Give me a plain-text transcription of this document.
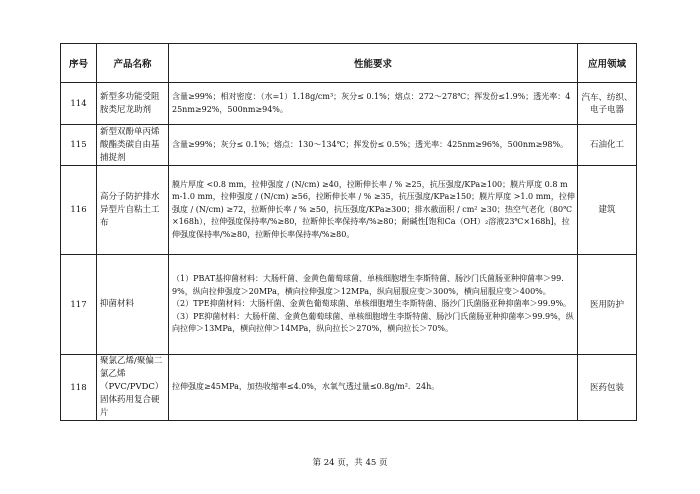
序号	产品名称	性能要求	应用领域
114	新型多功能受阻胺类尼龙助剂	含量≥99%；相对密度：（水=1）1.18g/cm³；灰分≤ 0.1%；熔点：272～278℃；挥发份≤1.9%；透光率：425nm≥92%，500nm≥94%。	汽车、纺织、电子电器
115	新型双酚单丙烯酸酯类碳自由基捕捉剂	含量≥99%；灰分≤ 0.1%；熔点：130～134℃；挥发份≤ 0.5%；透光率：425nm≥96%，500nm≥98%。	石油化工
116	高分子防护排水异型片自粘土工布	膜片厚度 <0.8 mm，拉伸强度 / (N/cm) ≥40，拉断伸长率 / % ≥25，抗压强度/KPa≥100；膜片厚度 0.8 mm-1.0 mm，拉伸强度 / (N/cm) ≥56，拉断伸长率 / % ≥35，抗压强度/KPa≥150；膜片厚度 >1.0 mm，拉伸强度 / (N/cm) ≥72，拉断伸长率 / % ≥50，抗压强度/KPa≥300；排水截面积 / cm² ≥30；热空气老化（80℃×168h），拉伸强度保持率/%≥80，拉断伸长率保持率/%≥80；耐碱性[饱和Ca（OH）₂溶液23℃×168h]，拉伸强度保持率/%≥80，拉断伸长率保持率/%≥80。	建筑
117	抑菌材料	（1）PBAT基抑菌材料：大肠杆菌、金黄色葡萄球菌、单核细胞增生李斯特菌、肠沙门氏菌肠亚种抑菌率＞99.9%，纵向拉伸强度＞20MPa，横向拉伸强度＞12MPa，纵向屈服应变＞300%，横向屈服应变＞400%。
（2）TPE抑菌材料：大肠杆菌、金黄色葡萄球菌、单核细胞增生李斯特菌、肠沙门氏菌肠亚种抑菌率＞99.9%。
（3）PE抑菌材料：大肠杆菌、金黄色葡萄球菌、单核细胞增生李斯特菌、肠沙门氏菌肠亚种抑菌率＞99.9%，纵向拉伸＞13MPa，横向拉伸＞14MPa，纵向拉长＞270%，横向拉长＞70%。	医用防护
118	聚氯乙烯/聚偏二氯乙烯（PVC/PVDC）固体药用复合硬片	拉伸强度≥45MPa，加热收缩率≤4.0%，水氧气透过量≤0.8g/m²．24h。	医药包装
第 24 页，共 45 页
